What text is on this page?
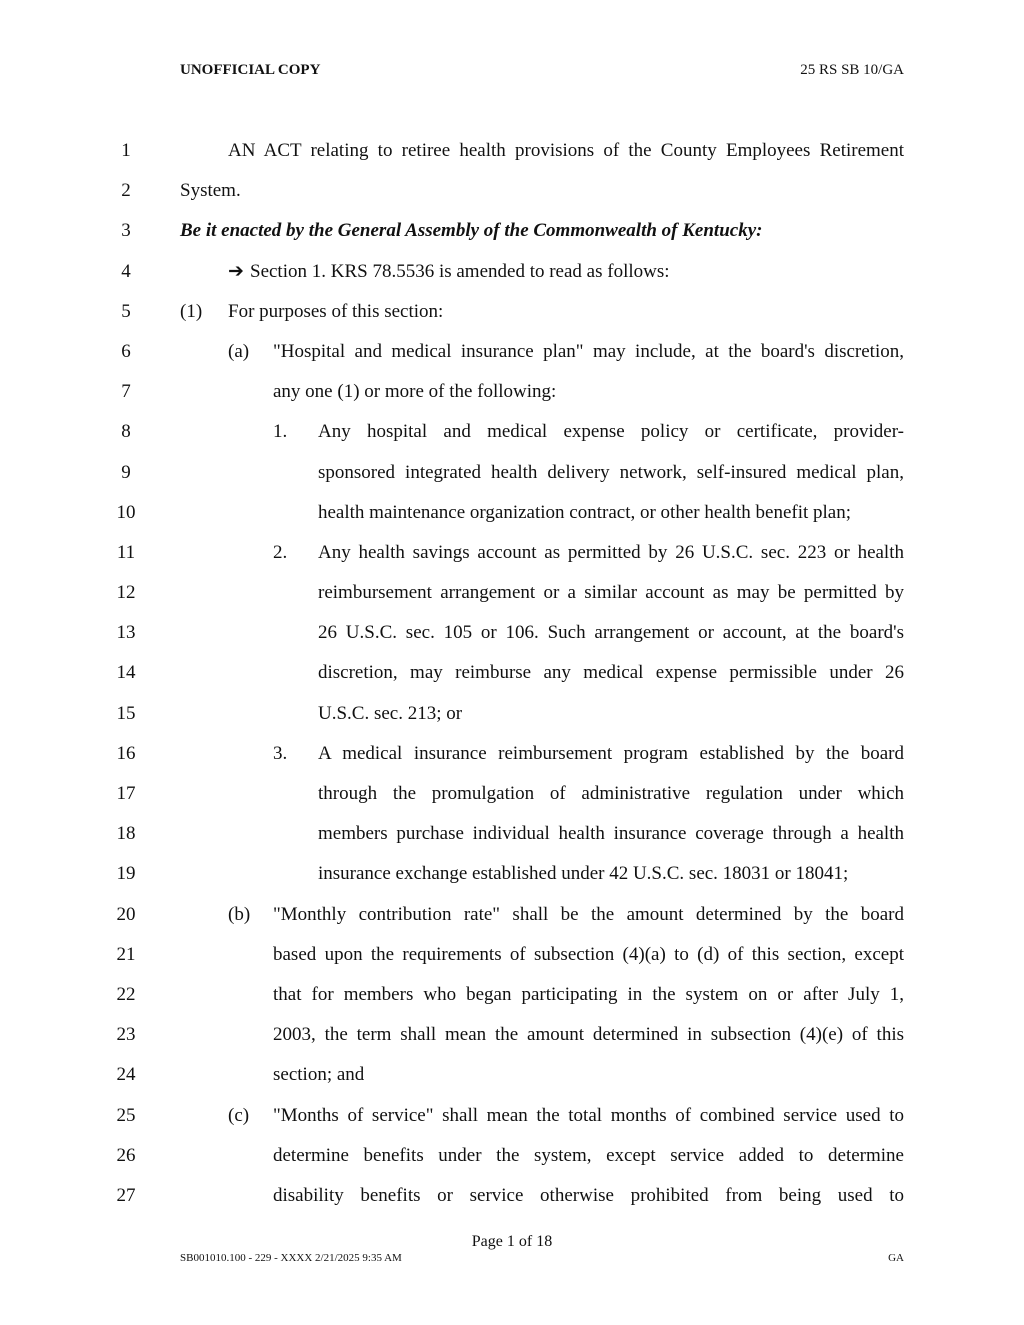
UNOFFICIAL COPY	25 RS SB 10/GA
1	AN ACT relating to retiree health provisions of the County Employees Retirement
2	System.
3	Be it enacted by the General Assembly of the Commonwealth of Kentucky:
4	➔ Section 1. KRS 78.5536 is amended to read as follows:
5	(1) For purposes of this section:
6	(a) "Hospital and medical insurance plan" may include, at the board's discretion,
7	any one (1) or more of the following:
8	1. Any hospital and medical expense policy or certificate, provider-
9	sponsored integrated health delivery network, self-insured medical plan,
10	health maintenance organization contract, or other health benefit plan;
11	2. Any health savings account as permitted by 26 U.S.C. sec. 223 or health
12	reimbursement arrangement or a similar account as may be permitted by
13	26 U.S.C. sec. 105 or 106. Such arrangement or account, at the board's
14	discretion, may reimburse any medical expense permissible under 26
15	U.S.C. sec. 213; or
16	3. A medical insurance reimbursement program established by the board
17	through the promulgation of administrative regulation under which
18	members purchase individual health insurance coverage through a health
19	insurance exchange established under 42 U.S.C. sec. 18031 or 18041;
20	(b) "Monthly contribution rate" shall be the amount determined by the board
21	based upon the requirements of subsection (4)(a) to (d) of this section, except
22	that for members who began participating in the system on or after July 1,
23	2003, the term shall mean the amount determined in subsection (4)(e) of this
24	section; and
25	(c) "Months of service" shall mean the total months of combined service used to
26	determine benefits under the system, except service added to determine
27	disability benefits or service otherwise prohibited from being used to
Page 1 of 18
SB001010.100 - 229 - XXXX 2/21/2025 9:35 AM	GA
